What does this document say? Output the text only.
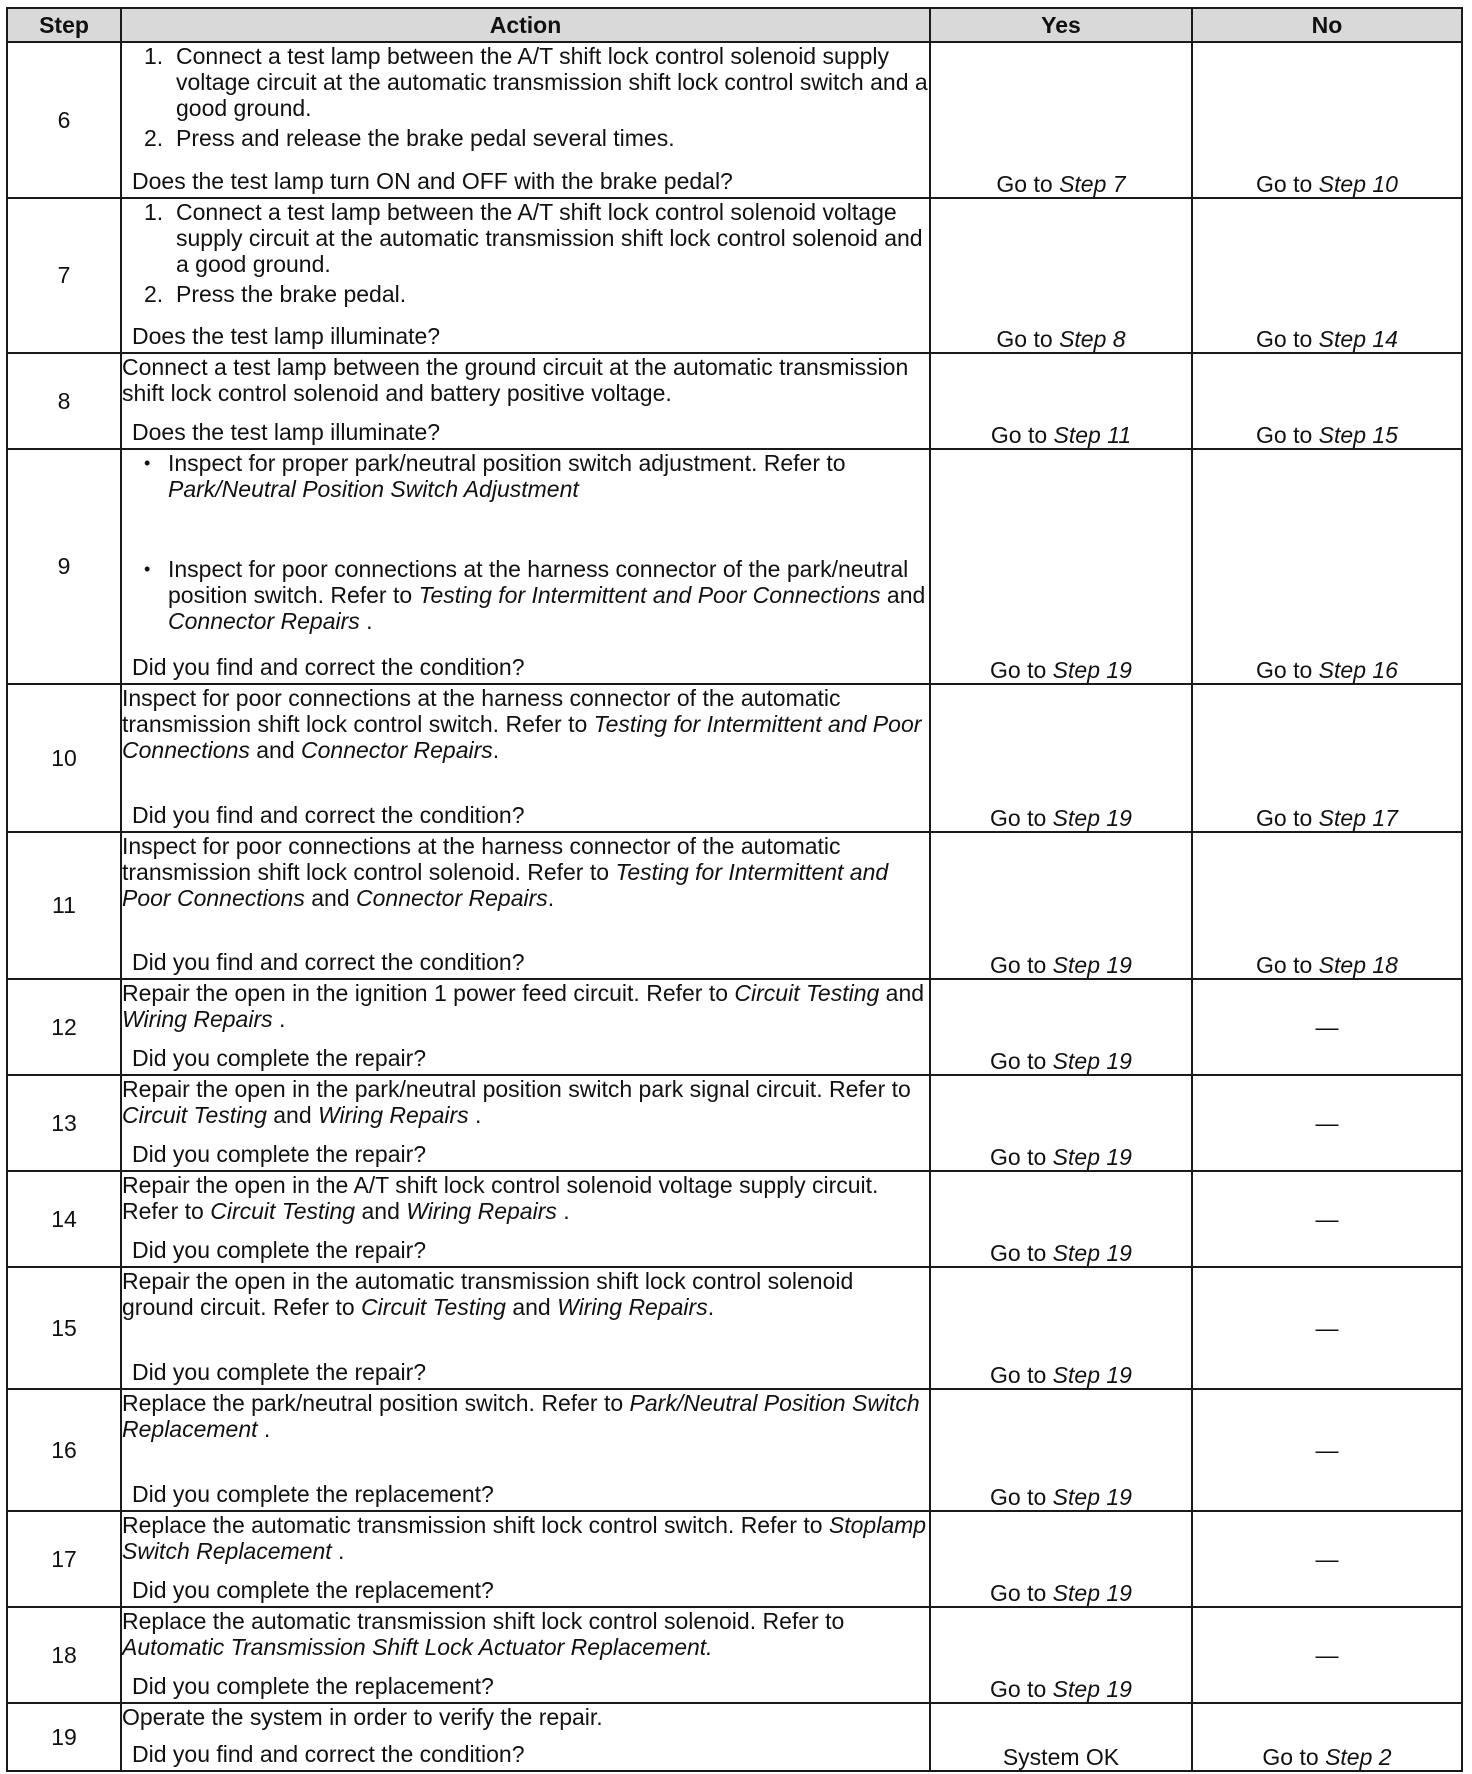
Step	Action	Yes	No
6	1. Connect a test lamp between the A/T shift lock control solenoid supply voltage circuit at the automatic transmission shift lock control switch and a good ground.
2. Press and release the brake pedal several times.
Does the test lamp turn ON and OFF with the brake pedal?	Go to Step 7	Go to Step 10
7	1. Connect a test lamp between the A/T shift lock control solenoid voltage supply circuit at the automatic transmission shift lock control solenoid and a good ground.
2. Press the brake pedal.
Does the test lamp illuminate?	Go to Step 8	Go to Step 14
8	Connect a test lamp between the ground circuit at the automatic transmission shift lock control solenoid and battery positive voltage.
Does the test lamp illuminate?	Go to Step 11	Go to Step 15
9	• Inspect for proper park/neutral position switch adjustment. Refer to Park/Neutral Position Switch Adjustment
• Inspect for poor connections at the harness connector of the park/neutral position switch. Refer to Testing for Intermittent and Poor Connections and Connector Repairs .
Did you find and correct the condition?	Go to Step 19	Go to Step 16
10	Inspect for poor connections at the harness connector of the automatic transmission shift lock control switch. Refer to Testing for Intermittent and Poor Connections and Connector Repairs.
Did you find and correct the condition?	Go to Step 19	Go to Step 17
11	Inspect for poor connections at the harness connector of the automatic transmission shift lock control solenoid. Refer to Testing for Intermittent and Poor Connections and Connector Repairs.
Did you find and correct the condition?	Go to Step 19	Go to Step 18
12	Repair the open in the ignition 1 power feed circuit. Refer to Circuit Testing and Wiring Repairs .
Did you complete the repair?	Go to Step 19	—
13	Repair the open in the park/neutral position switch park signal circuit. Refer to Circuit Testing and Wiring Repairs .
Did you complete the repair?	Go to Step 19	—
14	Repair the open in the A/T shift lock control solenoid voltage supply circuit. Refer to Circuit Testing and Wiring Repairs .
Did you complete the repair?	Go to Step 19	—
15	Repair the open in the automatic transmission shift lock control solenoid ground circuit. Refer to Circuit Testing and Wiring Repairs.
Did you complete the repair?	Go to Step 19	—
16	Replace the park/neutral position switch. Refer to Park/Neutral Position Switch Replacement .
Did you complete the replacement?	Go to Step 19	—
17	Replace the automatic transmission shift lock control switch. Refer to Stoplamp Switch Replacement .
Did you complete the replacement?	Go to Step 19	—
18	Replace the automatic transmission shift lock control solenoid. Refer to Automatic Transmission Shift Lock Actuator Replacement.
Did you complete the replacement?	Go to Step 19	—
19	Operate the system in order to verify the repair.
Did you find and correct the condition?	System OK	Go to Step 2
